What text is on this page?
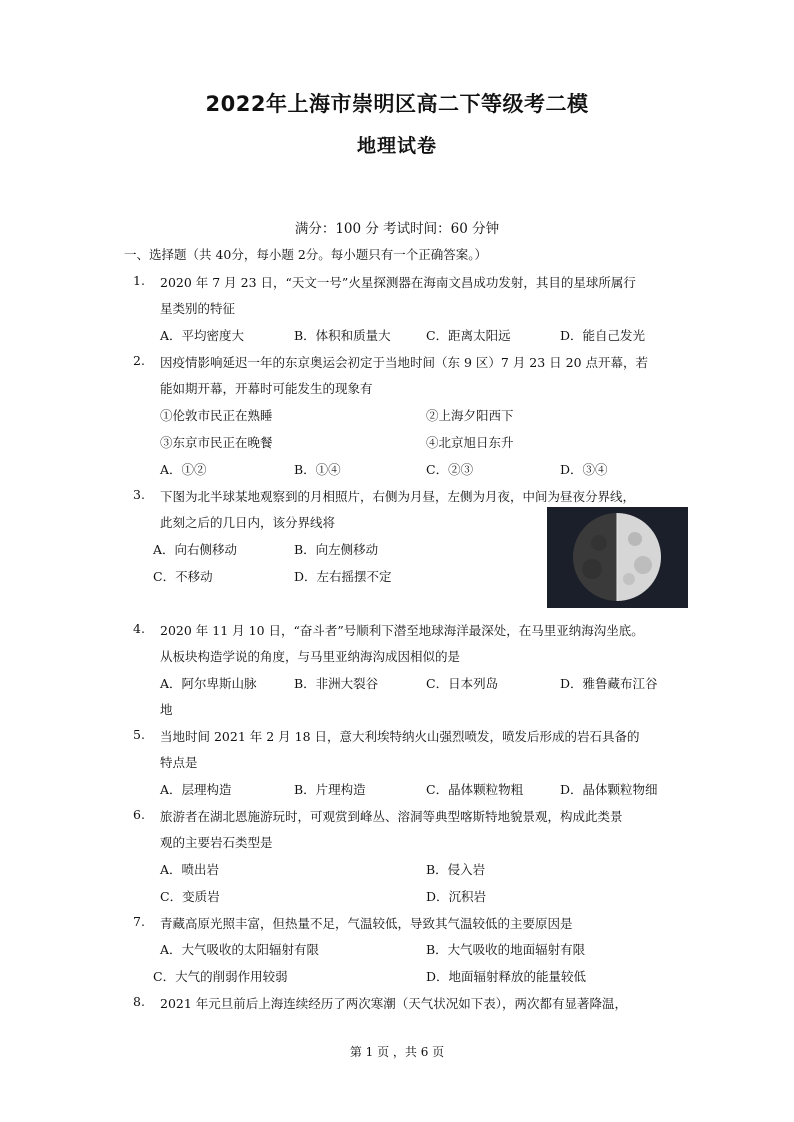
2022年上海市崇明区高二下等级考二模
地理试卷
满分：100 分 考试时间：60 分钟
一、选择题（共 40分，每小题 2分。每小题只有一个正确答案。）
1. 2020 年 7 月 23 日，“天文一号”火星探测器在海南文昌成功发射，其目的星球所属行
星类别的特征
A．平均密度大	B．体积和质量大	C．距离太阳远	D．能自己发光
2. 因疫情影响延迟一年的东京奥运会初定于当地时间（东 9 区）7 月 23 日 20 点开幕，若
能如期开幕，开幕时可能发生的现象有
①伦敦市民正在熟睡	②上海夕阳西下
③东京市民正在晚餐	④北京旭日东升
A．①②	B．①④	C．②③	D．③④
3. 下图为北半球某地观察到的月相照片，右侧为月昼，左侧为月夜，中间为昼夜分界线，
此刻之后的几日内，该分界线将
A．向右侧移动	B．向左侧移动
C．不移动	D．左右摇摆不定
4. 2020 年 11 月 10 日，“奋斗者”号顺利下潜至地球海洋最深处，在马里亚纳海沟坐底。
从板块构造学说的角度，与马里亚纳海沟成因相似的是
A．阿尔卑斯山脉	B．非洲大裂谷	C．日本列岛	D．雅鲁藏布江谷
地
5. 当地时间 2021 年 2 月 18 日，意大利埃特纳火山强烈喷发，喷发后形成的岩石具备的
特点是
A．层理构造	B．片理构造	C．晶体颗粒物粗	D．晶体颗粒物细
6. 旅游者在湖北恩施游玩时，可观赏到峰丛、溶洞等典型喀斯特地貌景观，构成此类景
观的主要岩石类型是
A．喷出岩	B．侵入岩
C．变质岩	D．沉积岩
7. 青藏高原光照丰富，但热量不足，气温较低，导致其气温较低的主要原因是
A．大气吸收的太阳辐射有限	B．大气吸收的地面辐射有限
C．大气的削弱作用较弱	D．地面辐射释放的能量较低
8. 2021 年元旦前后上海连续经历了两次寒潮（天气状况如下表），两次都有显著降温，
第 1 页 ，共 6 页
